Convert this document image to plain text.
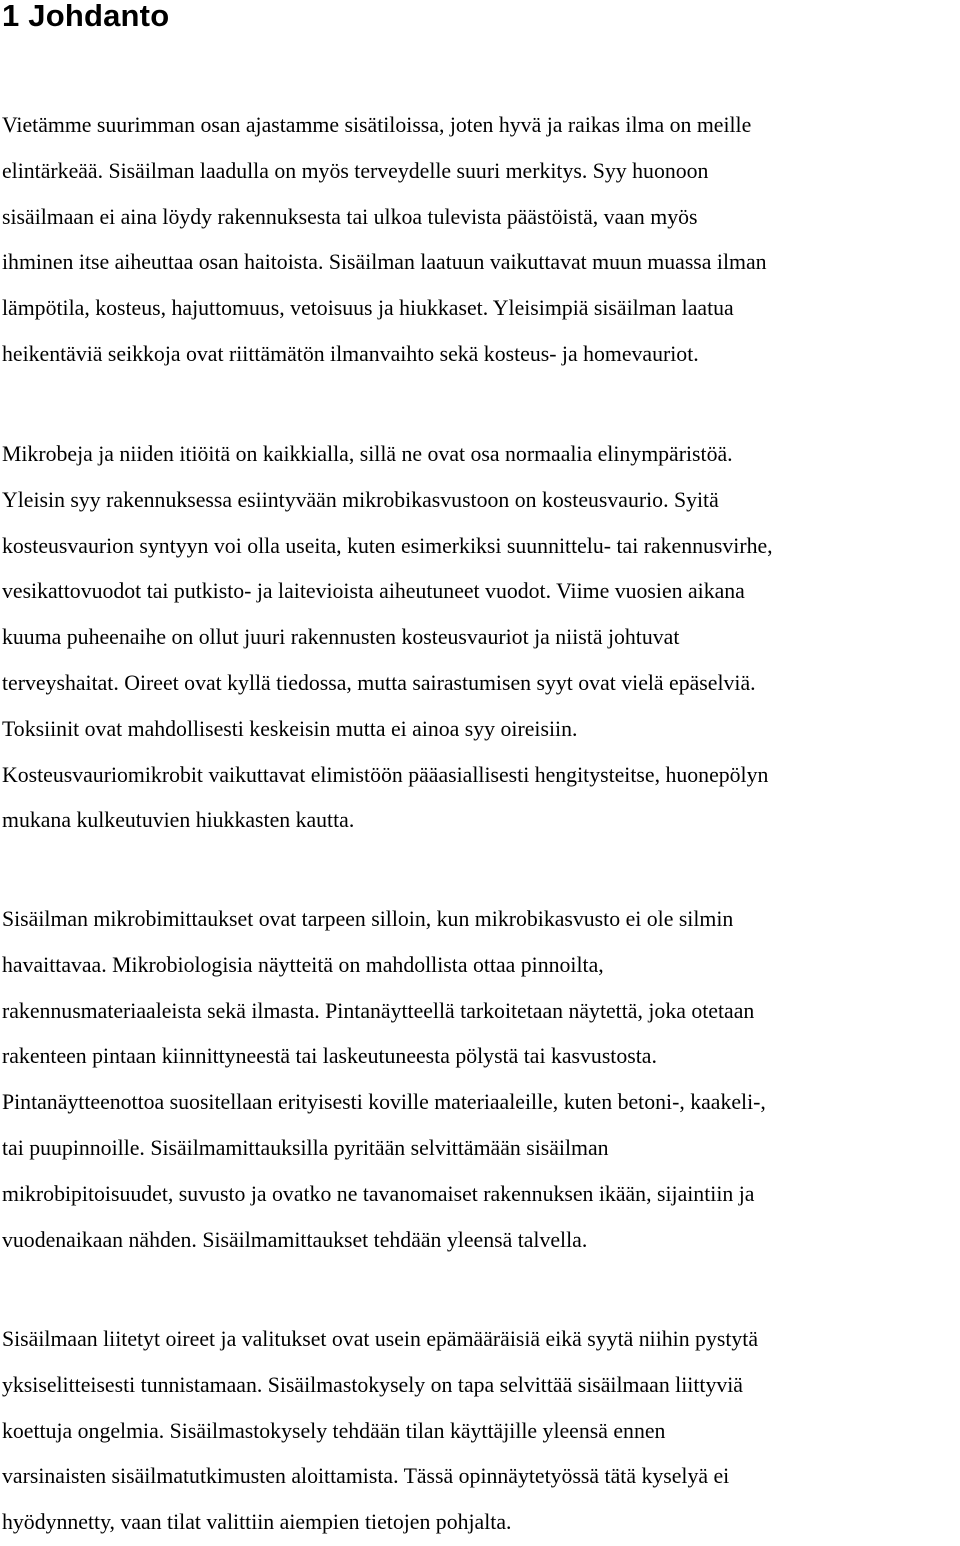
1 Johdanto

Vietämme suurimman osan ajastamme sisätiloissa, joten hyvä ja raikas ilma on meille
elintärkeää. Sisäilman laadulla on myös terveydelle suuri merkitys. Syy huonoon
sisäilmaan ei aina löydy rakennuksesta tai ulkoa tulevista päästöistä, vaan myös
ihminen itse aiheuttaa osan haitoista. Sisäilman laatuun vaikuttavat muun muassa ilman
lämpötila, kosteus, hajuttomuus, vetoisuus ja hiukkaset. Yleisimpiä sisäilman laatua
heikentäviä seikkoja ovat riittämätön ilmanvaihto sekä kosteus- ja homevauriot.

Mikrobeja ja niiden itiöitä on kaikkialla, sillä ne ovat osa normaalia elinympäristöä.
Yleisin syy rakennuksessa esiintyvään mikrobikasvustoon on kosteusvaurio. Syitä
kosteusvaurion syntyyn voi olla useita, kuten esimerkiksi suunnittelu- tai rakennusvirhe,
vesikattovuodot tai putkisto- ja laitevioista aiheutuneet vuodot. Viime vuosien aikana
kuuma puheenaihe on ollut juuri rakennusten kosteusvauriot ja niistä johtuvat
terveyshaitat. Oireet ovat kyllä tiedossa, mutta sairastumisen syyt ovat vielä epäselviä.
Toksiinit ovat mahdollisesti keskeisin mutta ei ainoa syy oireisiin.
Kosteusvauriomikrobit vaikuttavat elimistöön pääasiallisesti hengitysteitse, huonepölyn
mukana kulkeutuvien hiukkasten kautta.

Sisäilman mikrobimittaukset ovat tarpeen silloin, kun mikrobikasvusto ei ole silmin
havaittavaa. Mikrobiologisia näytteitä on mahdollista ottaa pinnoilta,
rakennusmateriaaleista sekä ilmasta. Pintanäytteellä tarkoitetaan näytettä, joka otetaan
rakenteen pintaan kiinnittyneestä tai laskeutuneesta pölystä tai kasvustosta.
Pintanäytteenottoa suositellaan erityisesti koville materiaaleille, kuten betoni-, kaakeli-,
tai puupinnoille. Sisäilmamittauksilla pyritään selvittämään sisäilman
mikrobipitoisuudet, suvusto ja ovatko ne tavanomaiset rakennuksen ikään, sijaintiin ja
vuodenaikaan nähden. Sisäilmamittaukset tehdään yleensä talvella.

Sisäilmaan liitetyt oireet ja valitukset ovat usein epämääräisiä eikä syytä niihin pystytä
yksiselitteisesti tunnistamaan. Sisäilmastokysely on tapa selvittää sisäilmaan liittyviä
koettuja ongelmia. Sisäilmastokysely tehdään tilan käyttäjille yleensä ennen
varsinaisten sisäilmatutkimusten aloittamista. Tässä opinnäytetyössä tätä kyselyä ei
hyödynnetty, vaan tilat valittiin aiempien tietojen pohjalta.
